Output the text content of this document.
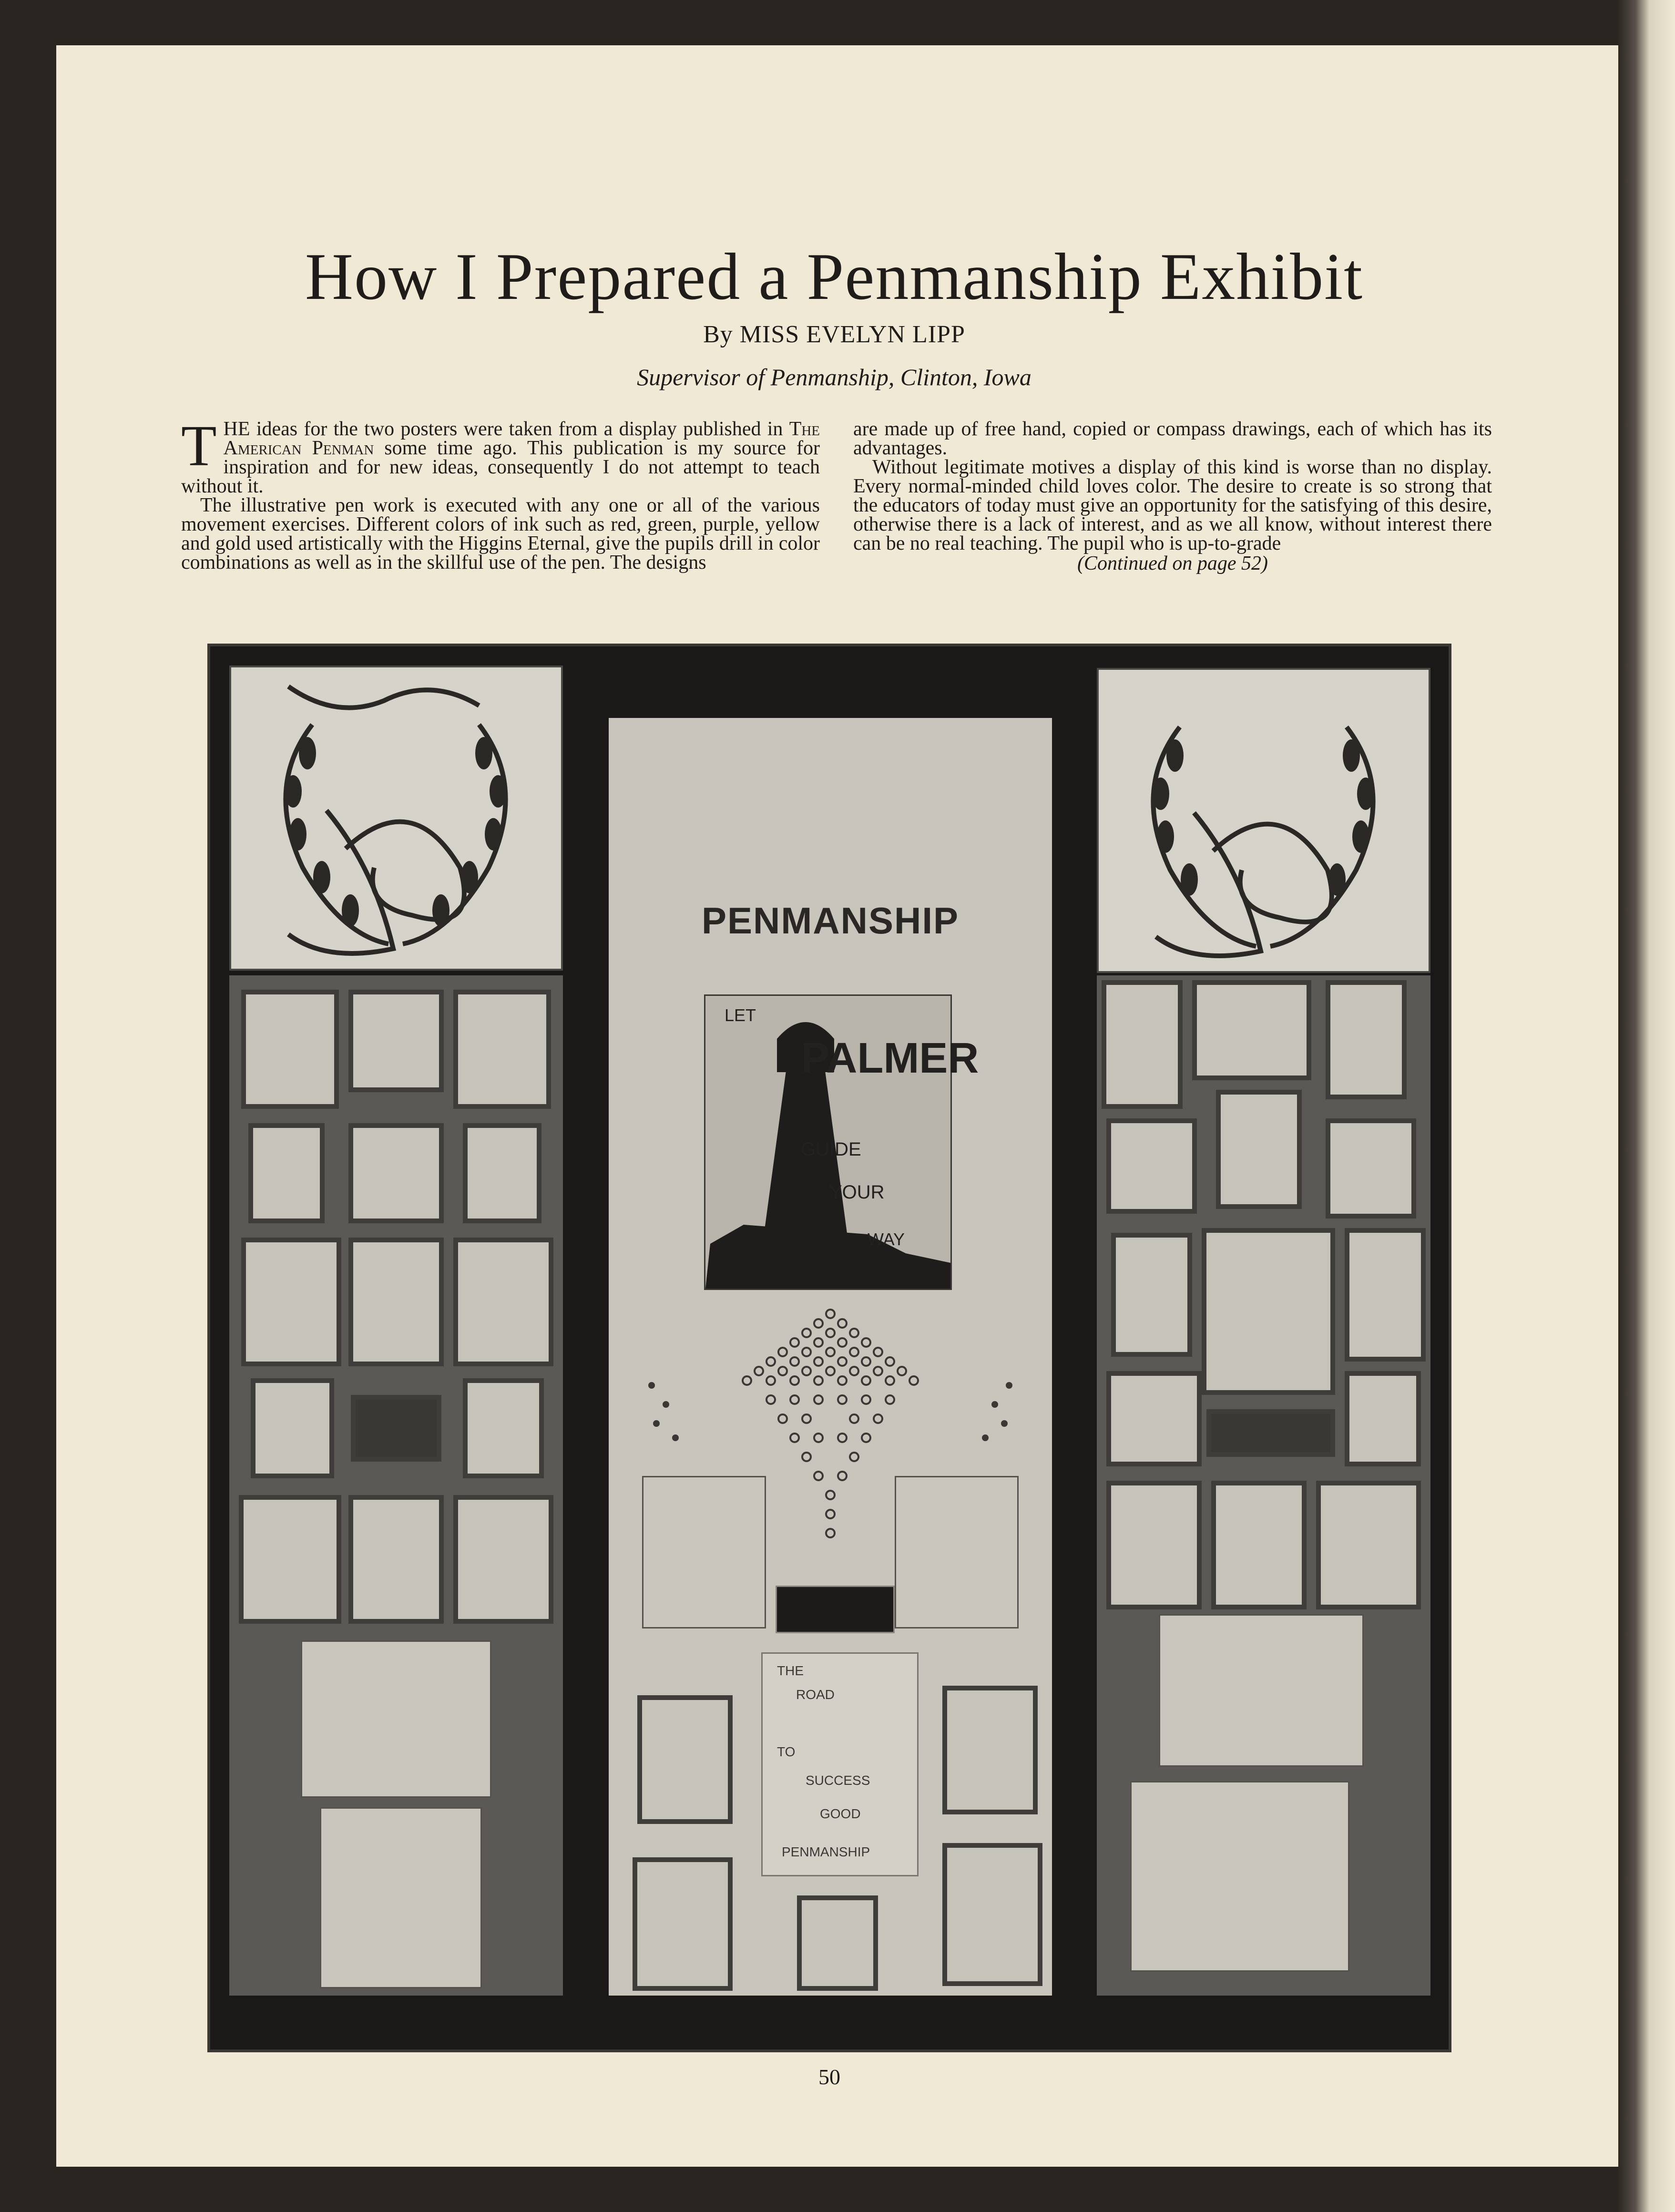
How I Prepared a Penmanship Exhibit
By MISS EVELYN LIPP
Supervisor of Penmanship, Clinton, Iowa

THE ideas for the two posters were taken from a display published in The American Penman some time ago. This publication is my source for inspiration and for new ideas, consequently I do not attempt to teach without it.

The illustrative pen work is executed with any one or all of the various movement exercises. Different colors of ink such as red, green, purple, yellow and gold used artistically with the Higgins Eternal, give the pupils drill in color combinations as well as in the skillful use of the pen. The designs

are made up of free hand, copied or compass drawings, each of which has its advantages.

Without legitimate motives a display of this kind is worse than no display. Every normal-minded child loves color. The desire to create is so strong that the educators of today must give an opportunity for the satisfying of this desire, otherwise there is a lack of interest, and as we all know, without interest there can be no real teaching. The pupil who is up-to-grade

(Continued on page 52)
PENMANSHIP
LET
PALMER
GUIDE
YOUR
WAY
THE
ROAD
TO
SUCCESS
GOOD
PENMANSHIP
50
